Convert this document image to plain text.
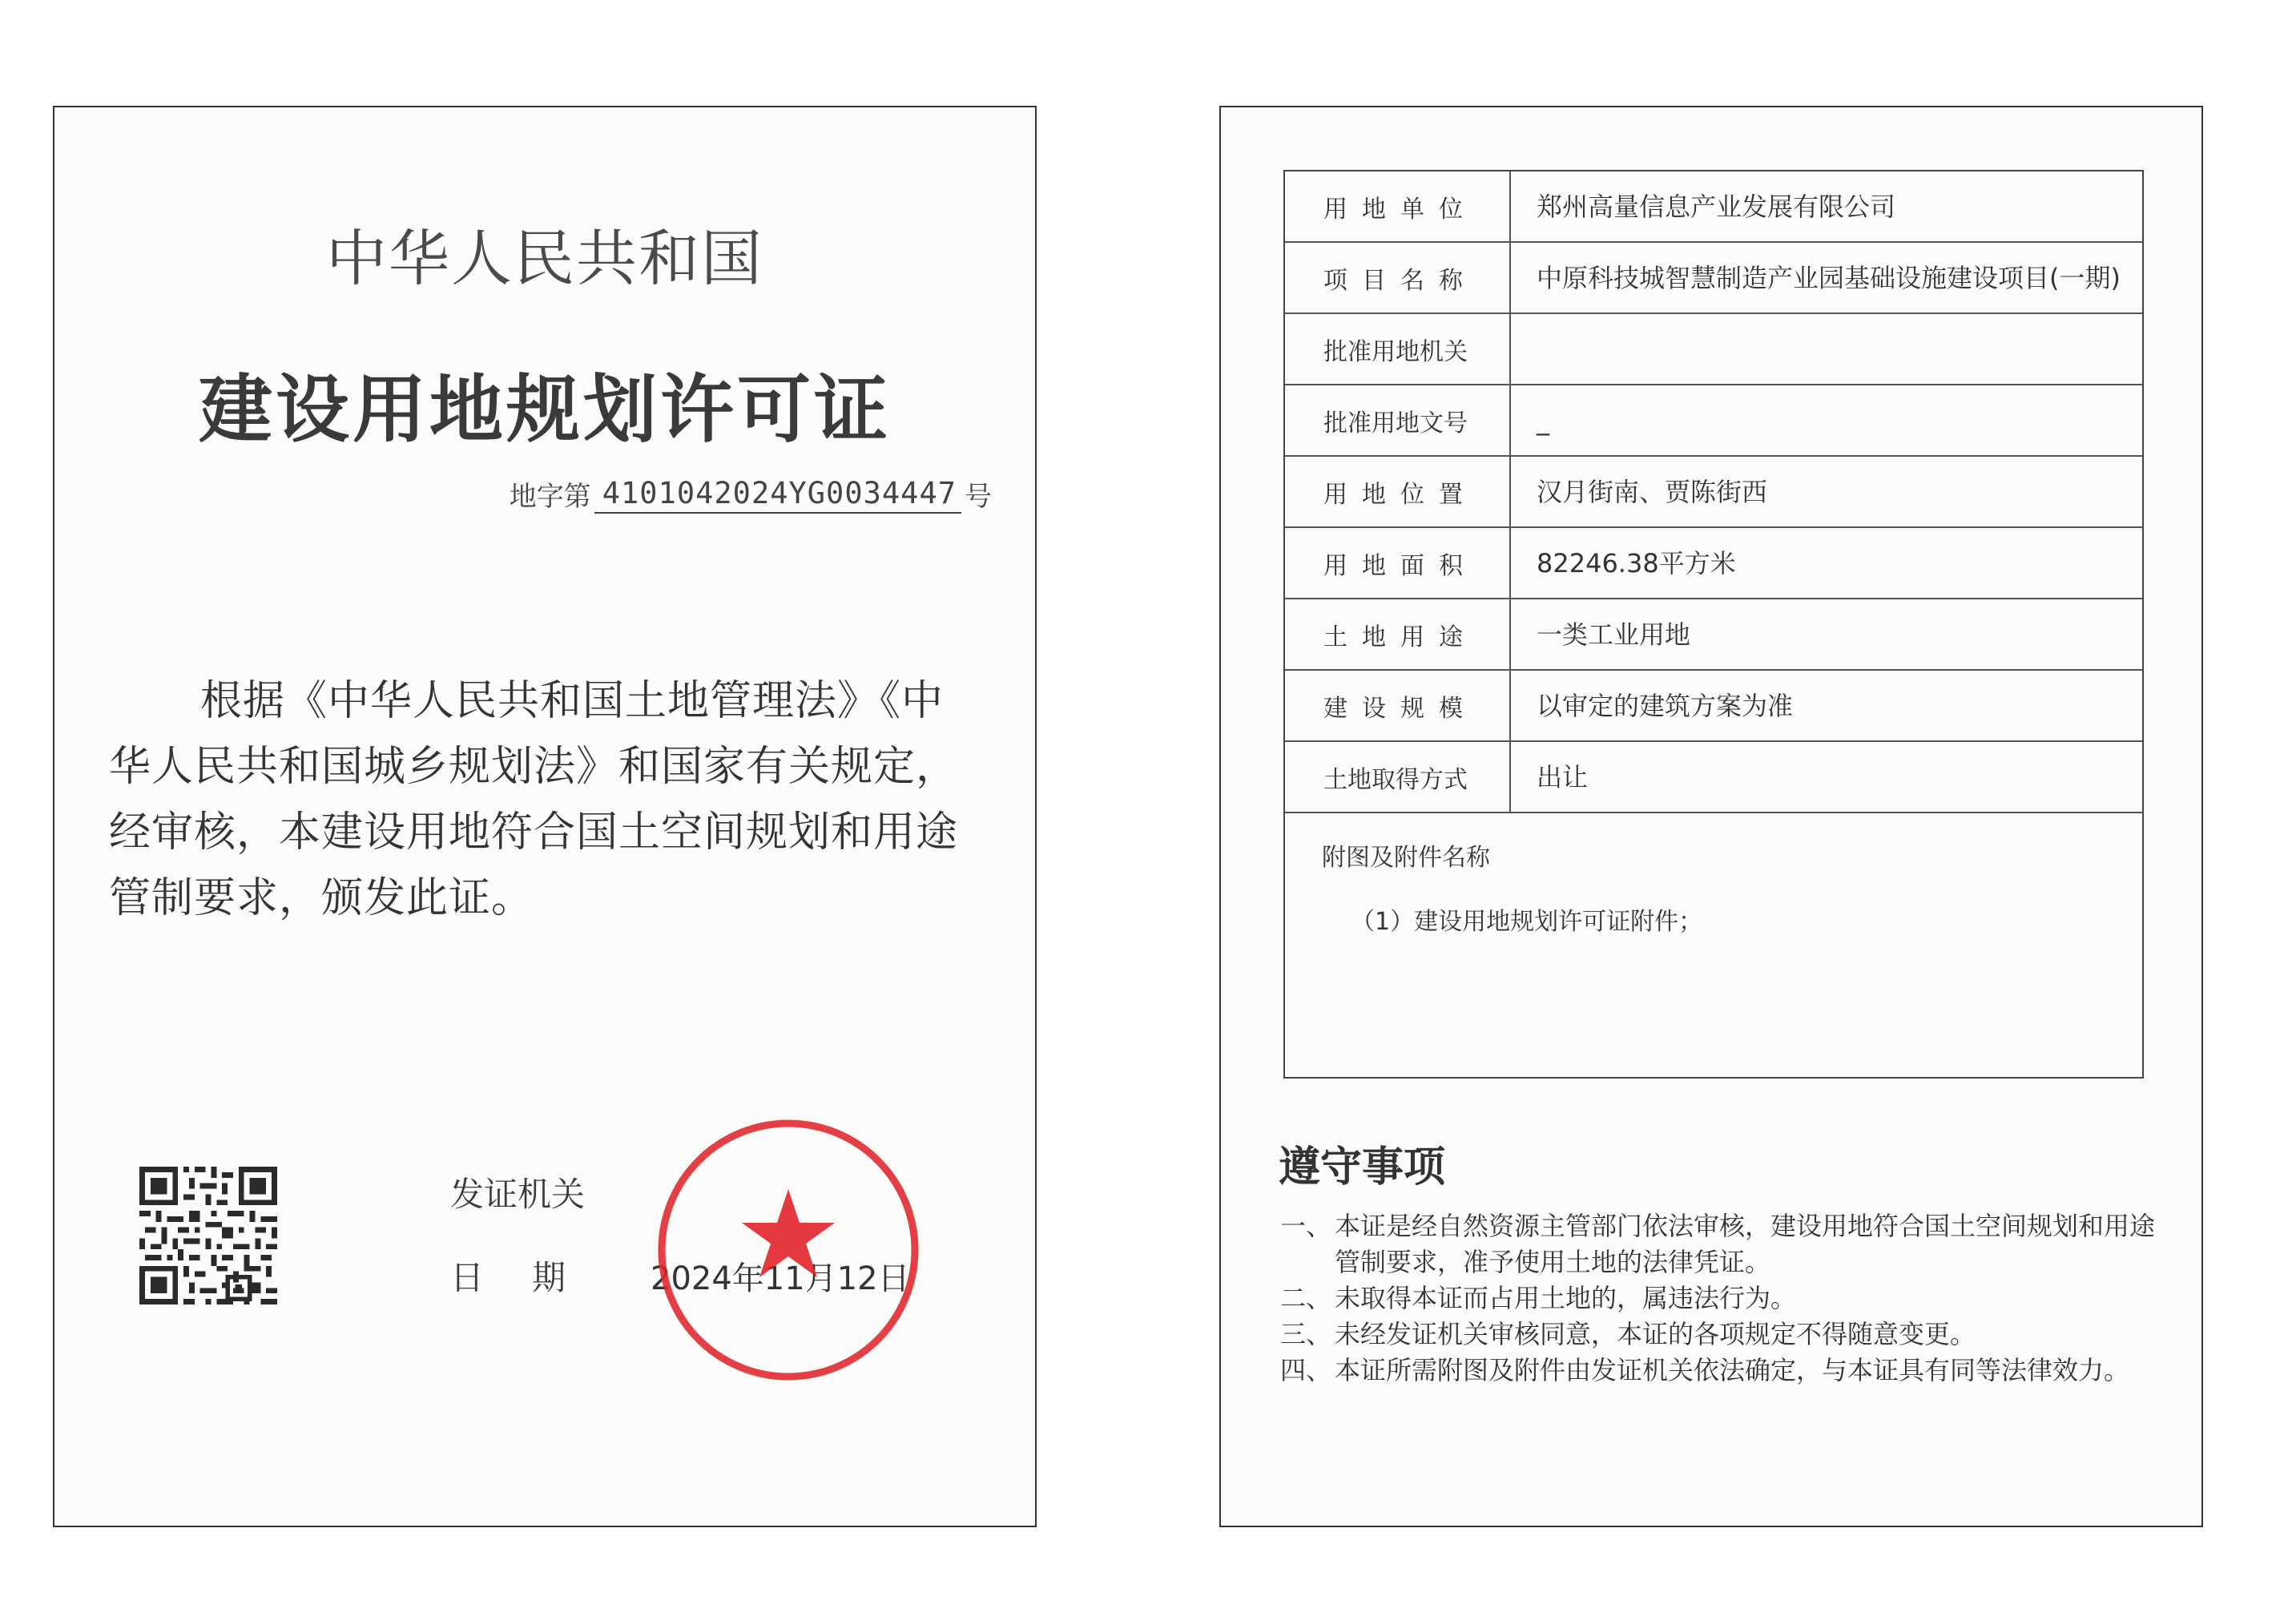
中华人民共和国
建设用地规划许可证
地字第 4101042024YG0034447 号
根据《中华人民共和国土地管理法》《中华人民共和国城乡规划法》和国家有关规定，经审核，本建设用地符合国土空间规划和用途管制要求，颁发此证。
发证机关
日期	2024年11月12日
用地单位	郑州高量信息产业发展有限公司
项目名称	中原科技城智慧制造产业园基础设施建设项目(一期)
批准用地机关
批准用地文号	_
用地位置	汉月街南、贾陈街西
用地面积	82246.38平方米
土地用途	一类工业用地
建设规模	以审定的建筑方案为准
土地取得方式	出让
附图及附件名称
（1）建设用地规划许可证附件；
遵守事项
一、 本证是经自然资源主管部门依法审核，建设用地符合国土空间规划和用途管制要求，准予使用土地的法律凭证。
二、 未取得本证而占用土地的，属违法行为。
三、 未经发证机关审核同意，本证的各项规定不得随意变更。
四、 本证所需附图及附件由发证机关依法确定，与本证具有同等法律效力。
